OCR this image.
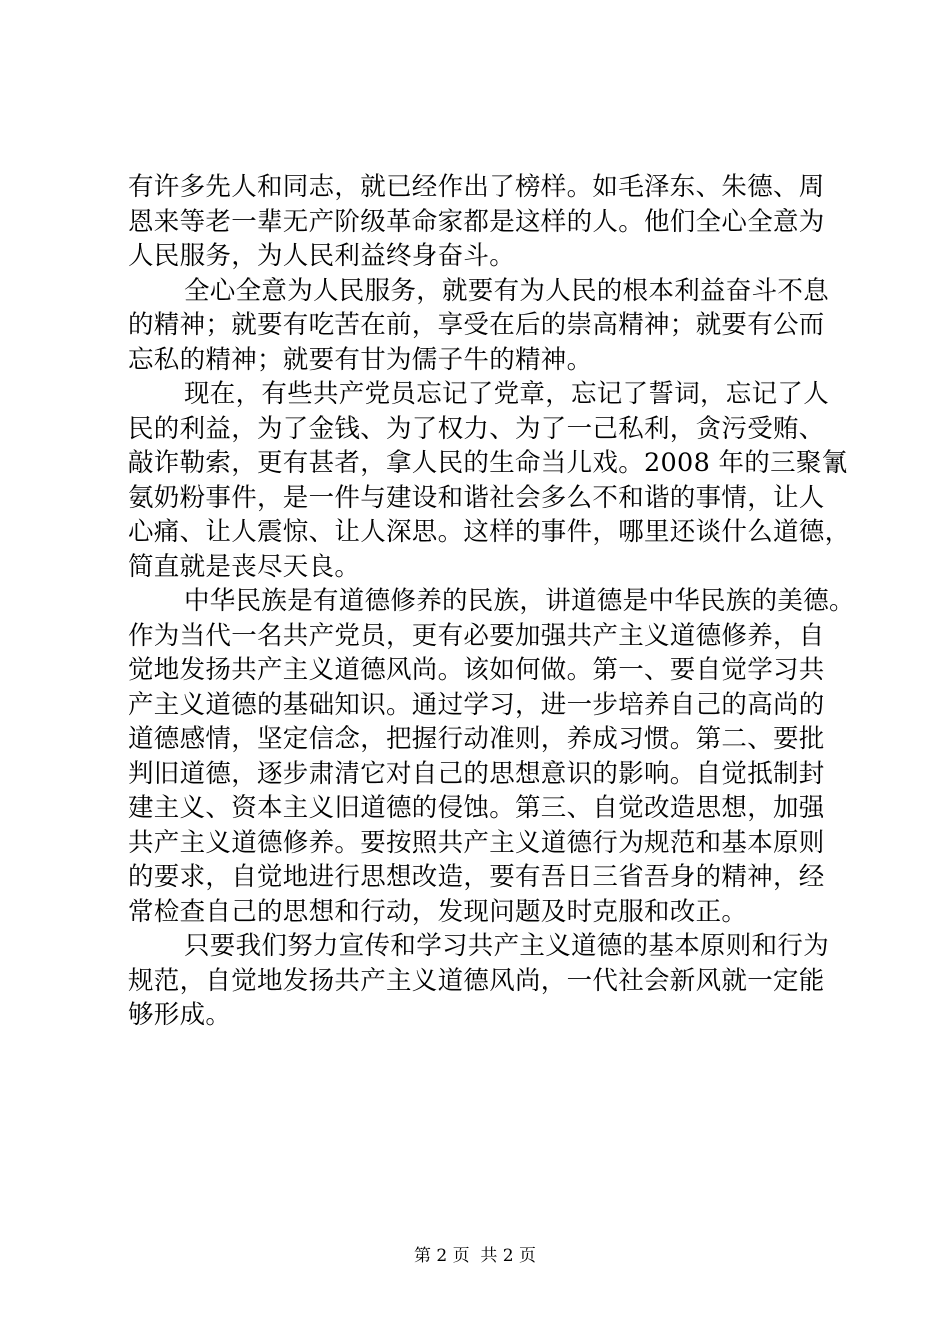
有许多先人和同志，就已经作出了榜样。如毛泽东、朱德、周
恩来等老一辈无产阶级革命家都是这样的人。他们全心全意为
人民服务，为人民利益终身奋斗。
全心全意为人民服务，就要有为人民的根本利益奋斗不息
的精神；就要有吃苦在前，享受在后的崇高精神；就要有公而
忘私的精神；就要有甘为儒子牛的精神。
现在，有些共产党员忘记了党章，忘记了誓词，忘记了人
民的利益，为了金钱、为了权力、为了一己私利，贪污受贿、
敲诈勒索，更有甚者，拿人民的生命当儿戏。2008 年的三聚氰
氨奶粉事件，是一件与建设和谐社会多么不和谐的事情，让人
心痛、让人震惊、让人深思。这样的事件，哪里还谈什么道德，
简直就是丧尽天良。
中华民族是有道德修养的民族，讲道德是中华民族的美德。
作为当代一名共产党员，更有必要加强共产主义道德修养，自
觉地发扬共产主义道德风尚。该如何做。第一、要自觉学习共
产主义道德的基础知识。通过学习，进一步培养自己的高尚的
道德感情，坚定信念，把握行动准则，养成习惯。第二、要批
判旧道德，逐步肃清它对自己的思想意识的影响。自觉抵制封
建主义、资本主义旧道德的侵蚀。第三、自觉改造思想，加强
共产主义道德修养。要按照共产主义道德行为规范和基本原则
的要求，自觉地进行思想改造，要有吾日三省吾身的精神，经
常检查自己的思想和行动，发现问题及时克服和改正。
只要我们努力宣传和学习共产主义道德的基本原则和行为
规范，自觉地发扬共产主义道德风尚，一代社会新风就一定能
够形成。
第 2 页  共 2 页
